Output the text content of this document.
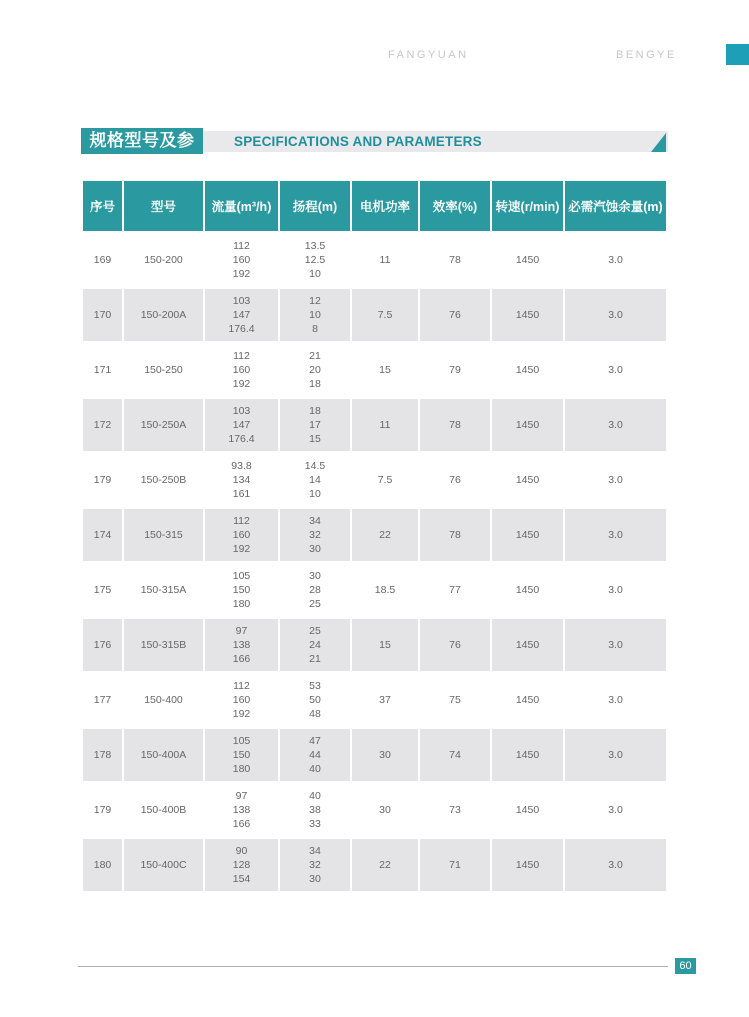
FANGYUAN	BENGYE
规格型号及参数
SPECIFICATIONS AND PARAMETERS
序号	型号	流量(m³/h)	扬程(m)	电机功率	效率(%)	转速(r/min)	必需汽蚀余量(m)
169	150-200	112
160
192	13.5
12.5
10	11	78	1450	3.0
170	150-200A	103
147
176.4	12
10
8	7.5	76	1450	3.0
171	150-250	112
160
192	21
20
18	15	79	1450	3.0
172	150-250A	103
147
176.4	18
17
15	11	78	1450	3.0
179	150-250B	93.8
134
161	14.5
14
10	7.5	76	1450	3.0
174	150-315	112
160
192	34
32
30	22	78	1450	3.0
175	150-315A	105
150
180	30
28
25	18.5	77	1450	3.0
176	150-315B	97
138
166	25
24
21	15	76	1450	3.0
177	150-400	112
160
192	53
50
48	37	75	1450	3.0
178	150-400A	105
150
180	47
44
40	30	74	1450	3.0
179	150-400B	97
138
166	40
38
33	30	73	1450	3.0
180	150-400C	90
128
154	34
32
30	22	71	1450	3.0
60
